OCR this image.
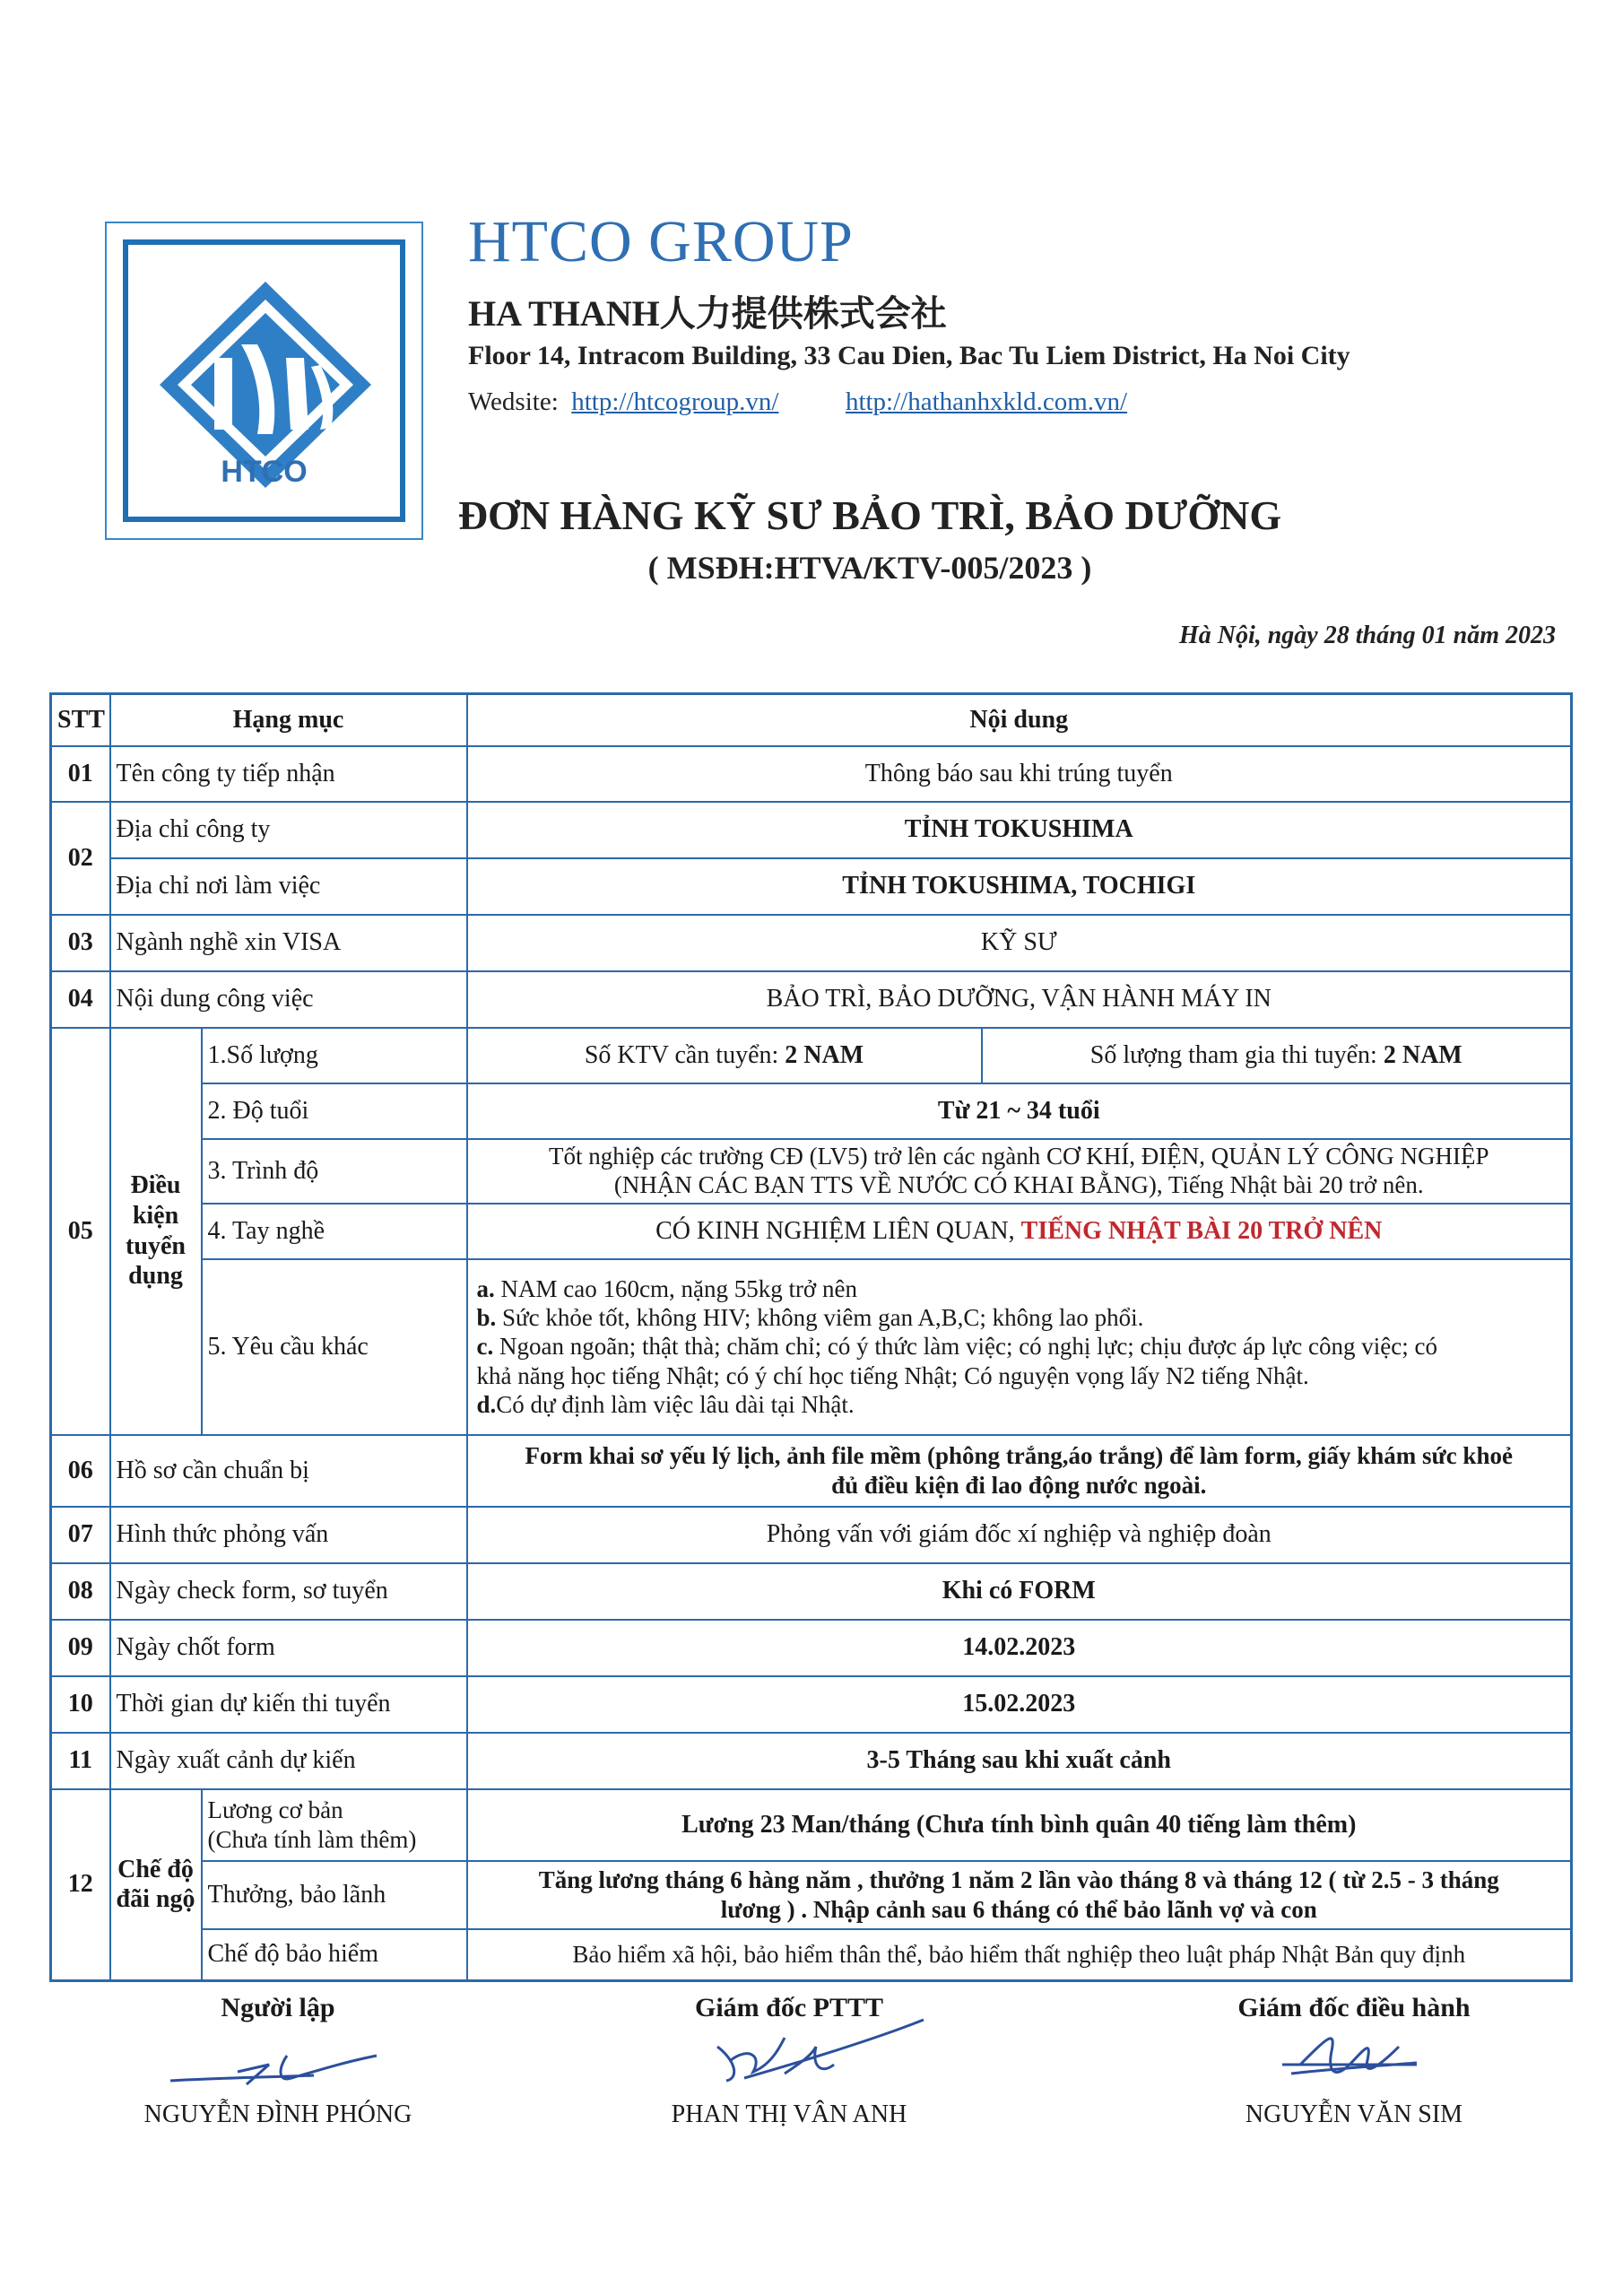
HTCO
HTCO GROUP
HA THANH人力提供株式会社
Floor 14, Intracom Building, 33 Cau Dien, Bac Tu Liem District, Ha Noi City
Wedsite: http://htcogroup.vn/	http://hathanhxkld.com.vn/
ĐƠN HÀNG KỸ SƯ BẢO TRÌ, BẢO DƯỠNG
( MSĐH:HTVA/KTV-005/2023 )
Hà Nội, ngày 28 tháng 01 năm 2023
STT	Hạng mục		Nội dung	
01	Tên công ty tiếp nhận		Thông báo sau khi trúng tuyển	
02	Địa chỉ công ty		TỈNH TOKUSHIMA	
	Địa chỉ nơi làm việc		TỈNH TOKUSHIMA, TOCHIGI	
03	Ngành nghề xin VISA		KỸ SƯ	
04	Nội dung công việc		BẢO TRÌ, BẢO DƯỠNG, VẬN HÀNH MÁY IN	
05	Điều kiện tuyển dụng	1.Số lượng	Số KTV cần tuyển: 2 NAM	Số lượng tham gia thi tuyển: 2 NAM
		2. Độ tuổi	Từ 21 ~ 34 tuổi	
		3. Trình độ	Tốt nghiệp các trường CĐ (LV5) trở lên các ngành CƠ KHÍ, ĐIỆN, QUẢN LÝ CÔNG NGHIỆP
(NHẬN CÁC BẠN TTS VỀ NƯỚC CÓ KHAI BẰNG), Tiếng Nhật bài 20 trở nên.	

		4. Tay nghề	CÓ KINH NGHIỆM LIÊN QUAN, TIẾNG NHẬT BÀI 20 TRỞ NÊN	
		5. Yêu cầu khác	a. NAM cao 160cm, nặng 55kg trở nên
b. Sức khỏe tốt, không HIV; không viêm gan A,B,C; không lao phổi.
c. Ngoan ngoãn; thật thà; chăm chỉ; có ý thức làm việc; có nghị lực; chịu được áp lực công việc; có
khả năng học tiếng Nhật; có ý chí học tiếng Nhật; Có nguyện vọng lấy N2 tiếng Nhật.
d.Có dự định làm việc lâu dài tại Nhật.	

06	Hồ sơ cần chuẩn bị		Form khai sơ yếu lý lịch, ảnh file mềm (phông trắng,áo trắng) để làm form, giấy khám sức khoẻ
đủ điều kiện đi lao động nước ngoài.	

07	Hình thức phỏng vấn		Phỏng vấn với giám đốc xí nghiệp và nghiệp đoàn	
08	Ngày check form, sơ tuyển		Khi có FORM	
09	Ngày chốt form		14.02.2023	
10	Thời gian dự kiến thi tuyển		15.02.2023	
11	Ngày xuất cảnh dự kiến		3-5 Tháng sau khi xuất cảnh	
12	Chế độ đãi ngộ	Lương cơ bản
(Chưa tính làm thêm)	Lương 23 Man/tháng (Chưa tính bình quân 40 tiếng làm thêm)	
		Thưởng, bảo lãnh	Tăng lương tháng 6 hàng năm , thưởng 1 năm 2 lần vào tháng 8 và tháng 12 ( từ 2.5 - 3 tháng
lương ) . Nhập cảnh sau 6 tháng có thể bảo lãnh vợ và con	

		Chế độ bảo hiểm	Bảo hiểm xã hội, bảo hiểm thân thể, bảo hiểm thất nghiệp theo luật pháp Nhật Bản quy định	
Người lập
NGUYỄN ĐÌNH PHÓNG
Giám đốc PTTT
PHAN THỊ VÂN ANH
Giám đốc điều hành
NGUYỄN VĂN SIM
